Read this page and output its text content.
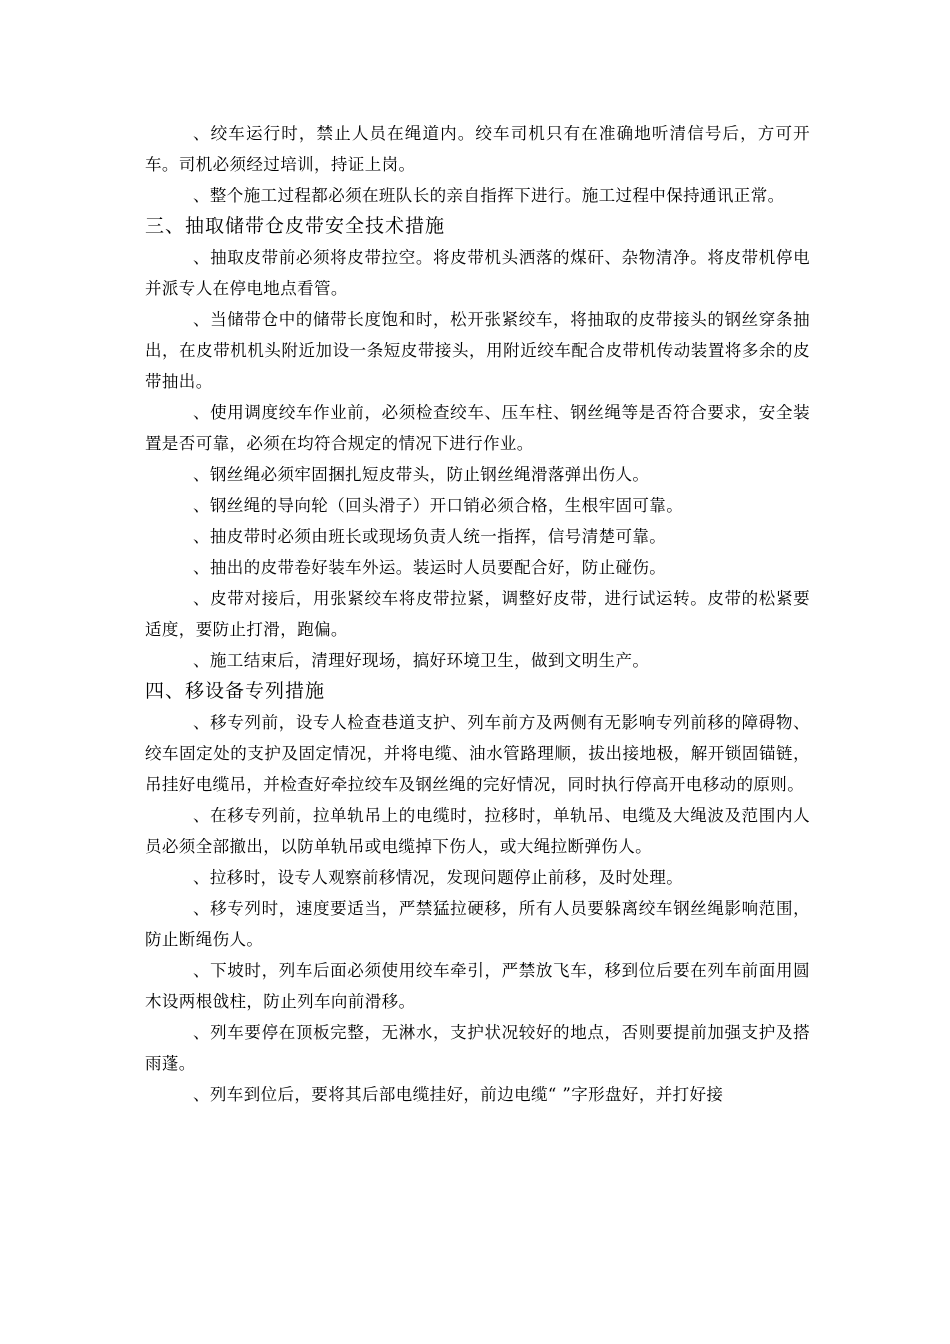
、绞车运行时，禁止人员在绳道内。绞车司机只有在准确地听清信号后，方可开车。司机必须经过培训，持证上岗。

、整个施工过程都必须在班队长的亲自指挥下进行。施工过程中保持通讯正常。

三、抽取储带仓皮带安全技术措施

、抽取皮带前必须将皮带拉空。将皮带机头洒落的煤矸、杂物清净。将皮带机停电并派专人在停电地点看管。

、当储带仓中的储带长度饱和时，松开张紧绞车，将抽取的皮带接头的钢丝穿条抽出，在皮带机机头附近加设一条短皮带接头，用附近绞车配合皮带机传动装置将多余的皮带抽出。

、使用调度绞车作业前，必须检查绞车、压车柱、钢丝绳等是否符合要求，安全装置是否可靠，必须在均符合规定的情况下进行作业。

、钢丝绳必须牢固捆扎短皮带头，防止钢丝绳滑落弹出伤人。

、钢丝绳的导向轮（回头滑子）开口销必须合格，生根牢固可靠。

、抽皮带时必须由班长或现场负责人统一指挥，信号清楚可靠。

、抽出的皮带卷好装车外运。装运时人员要配合好，防止碰伤。

、皮带对接后，用张紧绞车将皮带拉紧，调整好皮带，进行试运转。皮带的松紧要适度，要防止打滑，跑偏。

、施工结束后，清理好现场，搞好环境卫生，做到文明生产。

四、移设备专列措施

、移专列前，设专人检查巷道支护、列车前方及两侧有无影响专列前移的障碍物、绞车固定处的支护及固定情况，并将电缆、油水管路理顺，拔出接地极，解开锁固锚链，吊挂好电缆吊，并检查好牵拉绞车及钢丝绳的完好情况，同时执行停高开电移动的原则。

、在移专列前，拉单轨吊上的电缆时，拉移时，单轨吊、电缆及大绳波及范围内人员必须全部撤出，以防单轨吊或电缆掉下伤人，或大绳拉断弹伤人。

、拉移时，设专人观察前移情况，发现问题停止前移，及时处理。

、移专列时，速度要适当，严禁猛拉硬移，所有人员要躲离绞车钢丝绳影响范围，防止断绳伤人。

、下坡时，列车后面必须使用绞车牵引，严禁放飞车，移到位后要在列车前面用圆木设两根戗柱，防止列车向前滑移。

、列车要停在顶板完整，无淋水，支护状况较好的地点，否则要提前加强支护及搭雨蓬。

、列车到位后，要将其后部电缆挂好，前边电缆“ ”字形盘好，并打好接
